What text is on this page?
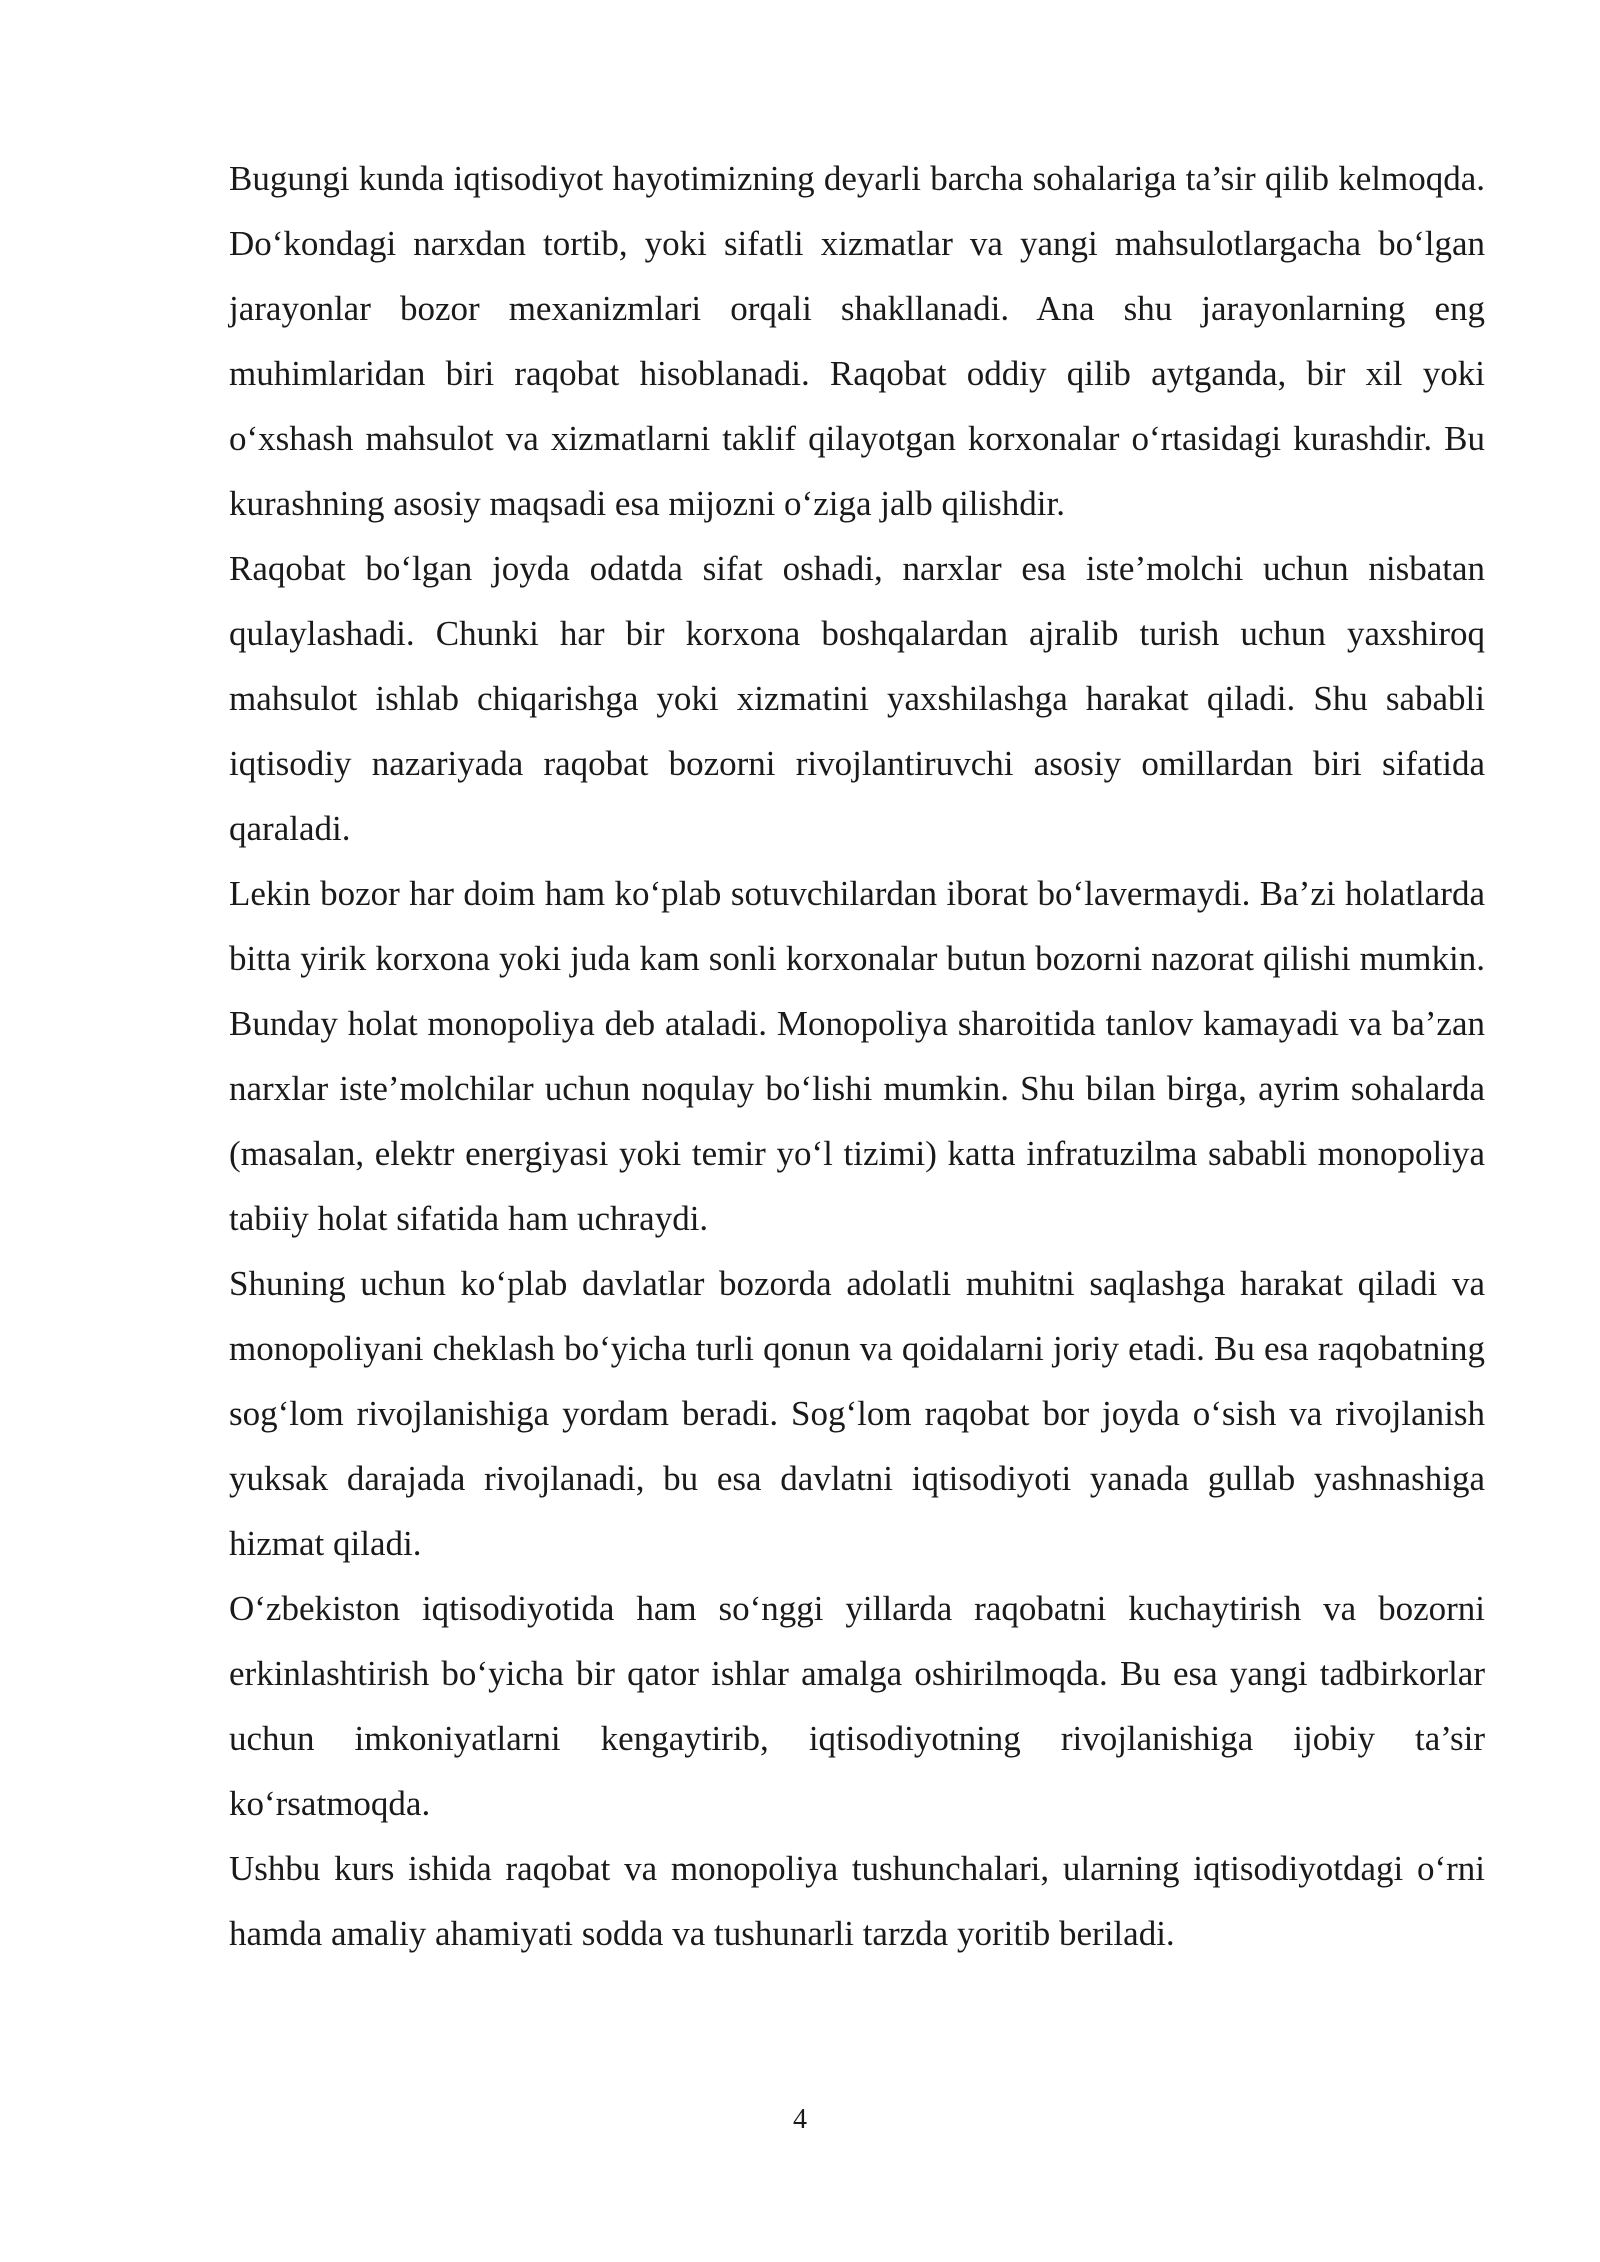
Bugungi kunda iqtisodiyot hayotimizning deyarli barcha sohalariga ta’sir qilib kelmoqda. Do‘kondagi narxdan tortib, yoki sifatli xizmatlar va yangi mahsulotlargacha bo‘lgan jarayonlar bozor mexanizmlari orqali shakllanadi. Ana shu jarayonlarning eng muhimlaridan biri raqobat hisoblanadi. Raqobat oddiy qilib aytganda, bir xil yoki o‘xshash mahsulot va xizmatlarni taklif qilayotgan korxonalar o‘rtasidagi kurashdir. Bu kurashning asosiy maqsadi esa mijozni o‘ziga jalb qilishdir.

Raqobat bo‘lgan joyda odatda sifat oshadi, narxlar esa iste’molchi uchun nisbatan qulaylashadi. Chunki har bir korxona boshqalardan ajralib turish uchun yaxshiroq mahsulot ishlab chiqarishga yoki xizmatini yaxshilashga harakat qiladi. Shu sababli iqtisodiy nazariyada raqobat bozorni rivojlantiruvchi asosiy omillardan biri sifatida qaraladi.

Lekin bozor har doim ham ko‘plab sotuvchilardan iborat bo‘lavermaydi. Ba’zi holatlarda bitta yirik korxona yoki juda kam sonli korxonalar butun bozorni nazorat qilishi mumkin. Bunday holat monopoliya deb ataladi. Monopoliya sharoitida tanlov kamayadi va ba’zan narxlar iste’molchilar uchun noqulay bo‘lishi mumkin. Shu bilan birga, ayrim sohalarda (masalan, elektr energiyasi yoki temir yo‘l tizimi) katta infratuzilma sababli monopoliya tabiiy holat sifatida ham uchraydi.

Shuning uchun ko‘plab davlatlar bozorda adolatli muhitni saqlashga harakat qiladi va monopoliyani cheklash bo‘yicha turli qonun va qoidalarni joriy etadi. Bu esa raqobatning sog‘lom rivojlanishiga yordam beradi. Sog‘lom raqobat bor joyda o‘sish va rivojlanish yuksak darajada rivojlanadi, bu esa davlatni iqtisodiyoti yanada gullab yashnashiga hizmat qiladi.

O‘zbekiston iqtisodiyotida ham so‘nggi yillarda raqobatni kuchaytirish va bozorni erkinlashtirish bo‘yicha bir qator ishlar amalga oshirilmoqda. Bu esa yangi tadbirkorlar uchun imkoniyatlarni kengaytirib, iqtisodiyotning rivojlanishiga ijobiy ta’sir ko‘rsatmoqda.

Ushbu kurs ishida raqobat va monopoliya tushunchalari, ularning iqtisodiyotdagi o‘rni hamda amaliy ahamiyati sodda va tushunarli tarzda yoritib beriladi.

4
